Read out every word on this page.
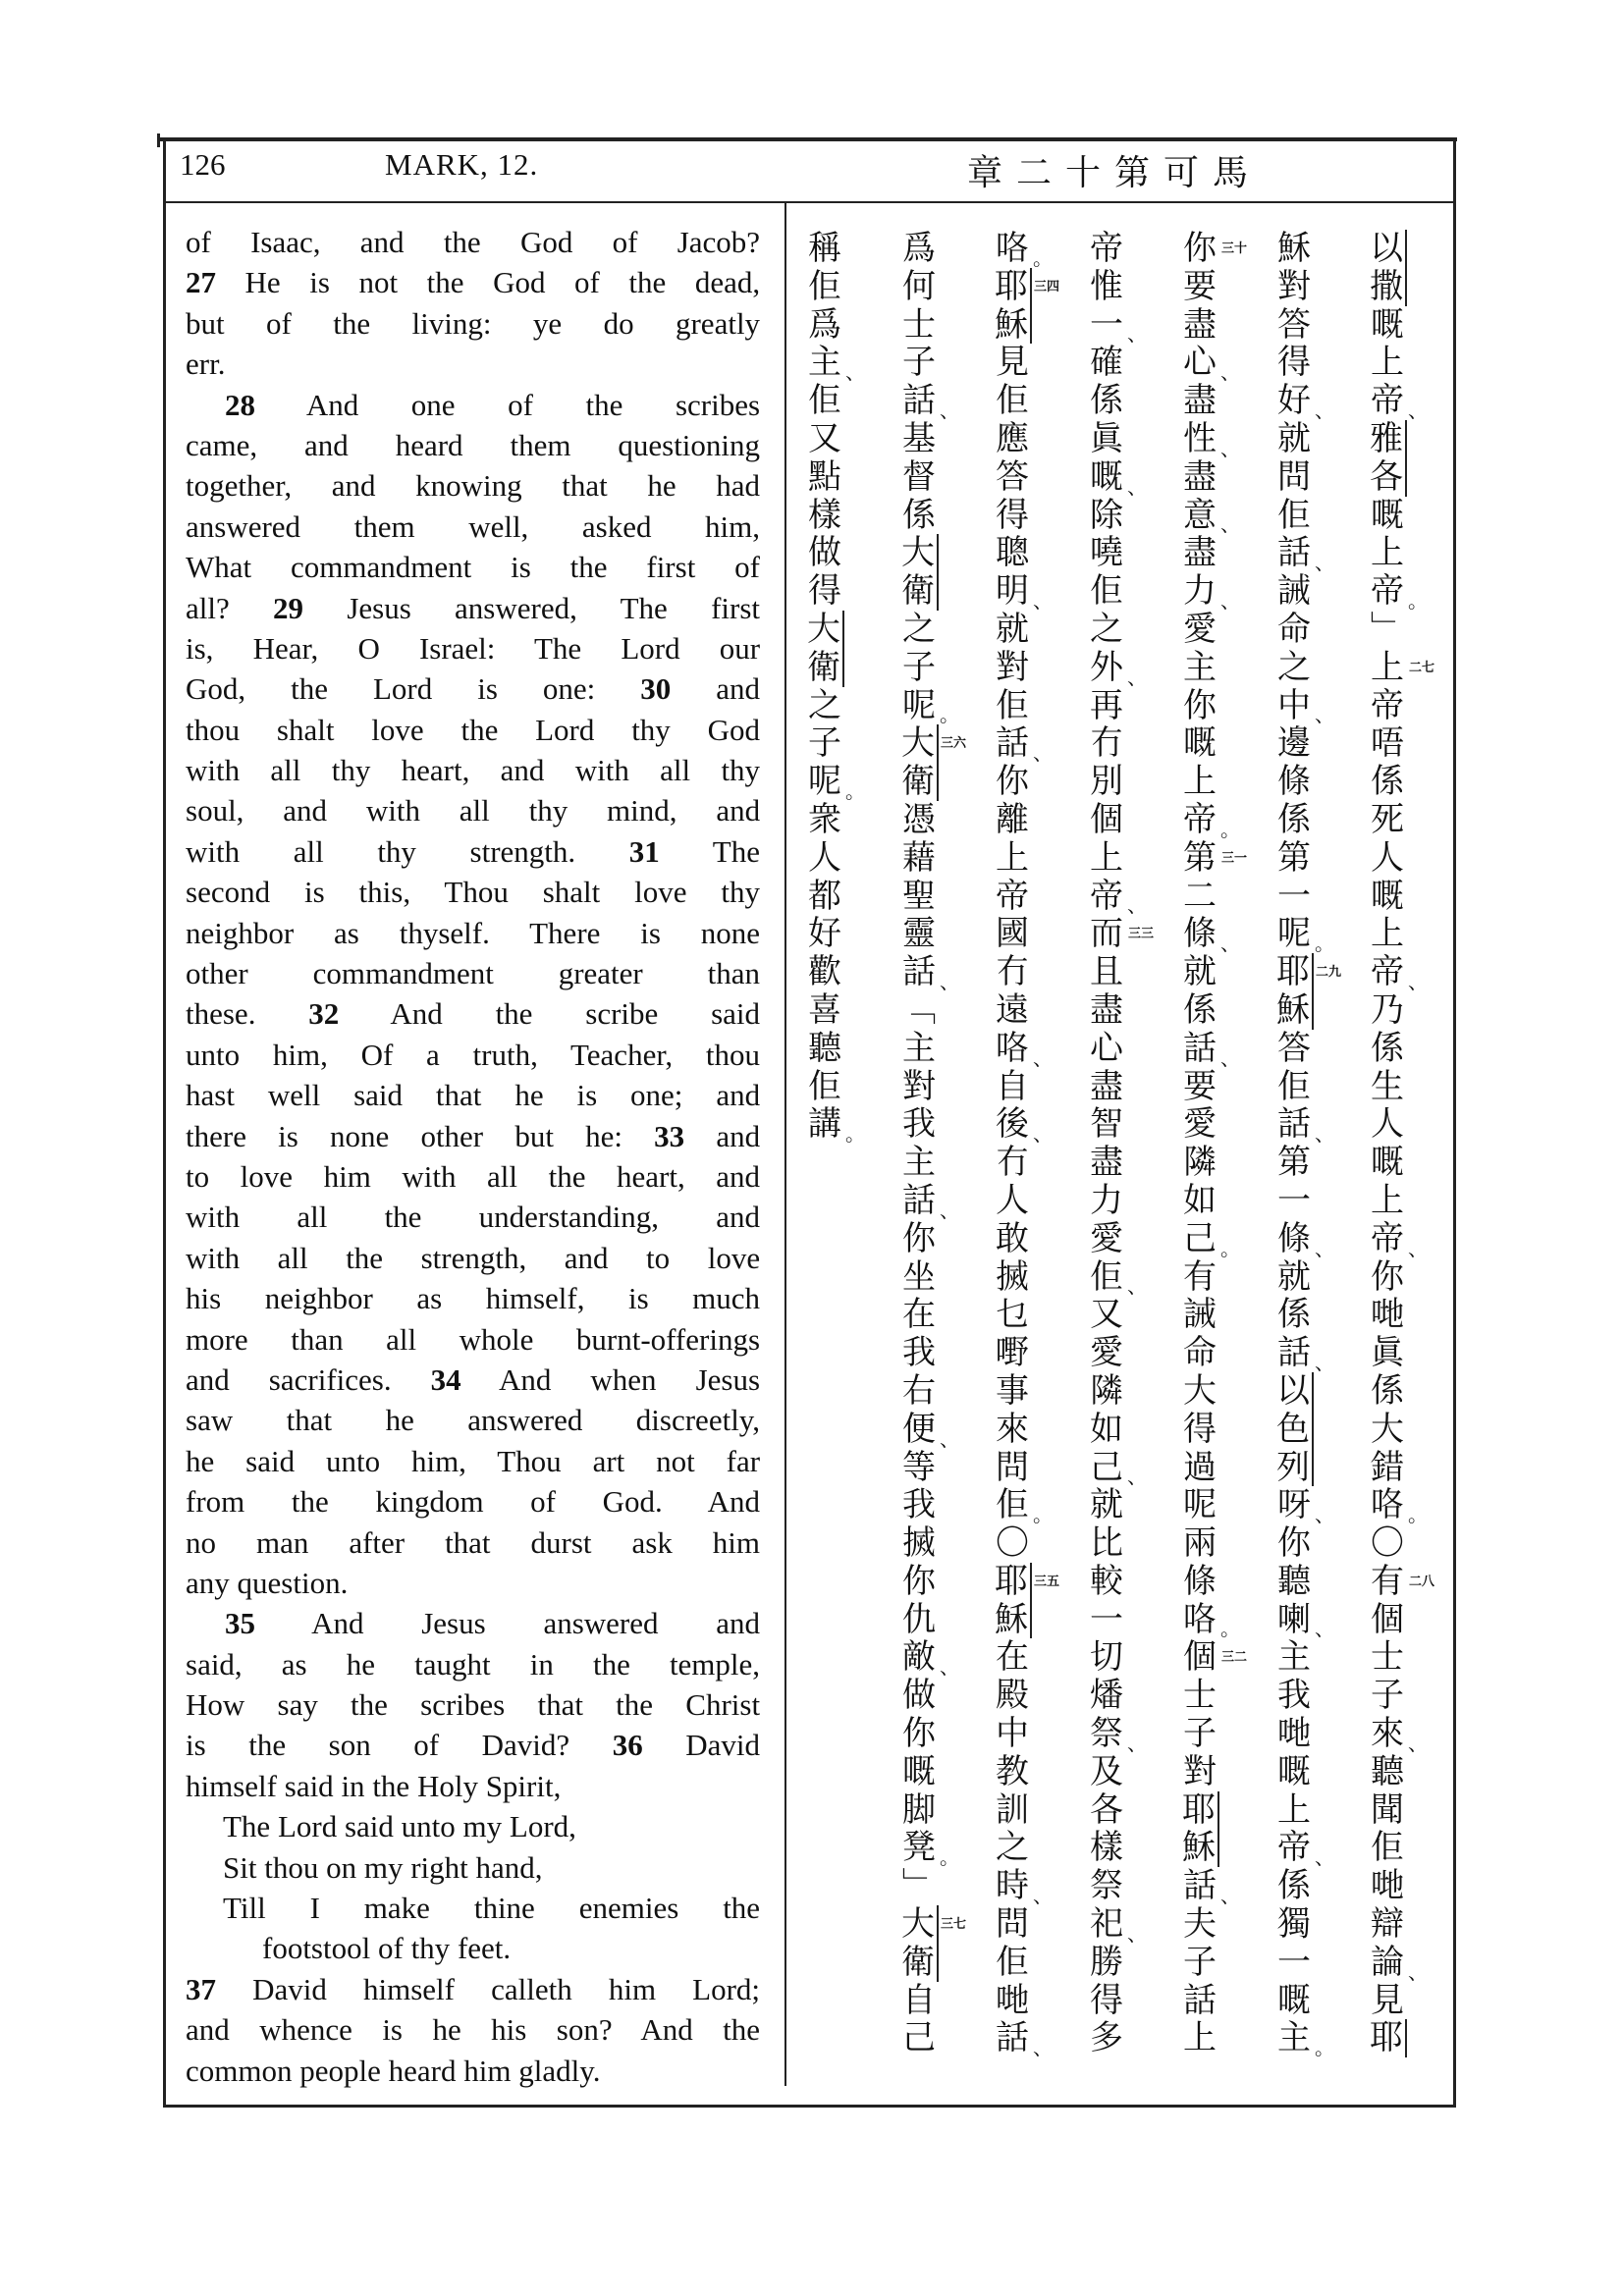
126	MARK, 12.	馬可第十二章
of Isaac, and the God of Jacob?
27 He is not the God of the dead,
but of the living: ye do greatly
err.
28 And one of the scribes
came, and heard them questioning
together, and knowing that he had
answered them well, asked him,
What commandment is the first of
all? 29 Jesus answered, The first
is, Hear, O Israel: The Lord our
God, the Lord is one: 30 and
thou shalt love the Lord thy God
with all thy heart, and with all thy
soul, and with all thy mind, and
with all thy strength. 31 The
second is this, Thou shalt love thy
neighbor as thyself. There is none
other commandment greater than
these. 32 And the scribe said
unto him, Of a truth, Teacher, thou
hast well said that he is one; and
there is none other but he: 33 and
to love him with all the heart, and
with all the understanding, and
with all the strength, and to love
his neighbor as himself, is much
more than all whole burnt-offerings
and sacrifices. 34 And when Jesus
saw that he answered discreetly,
he said unto him, Thou art not far
from the kingdom of God. And
no man after that durst ask him
any question.
35 And Jesus answered and
said, as he taught in the temple,
How say the scribes that the Christ
is the son of David? 36 David
himself said in the Holy Spirit,
The Lord said unto my Lord,
Sit thou on my right hand,
Till I make thine enemies the
footstool of thy feet.
37 David himself calleth him Lord;
and whence is he his son? And the
common people heard him gladly.
以
撒
嘅
上
帝 、
雅
各
嘅
上
帝 。
﹂
二七
上
帝
唔
係
死
人
嘅
上
帝 、
乃
係
生
人
嘅
上
帝 、
你
哋
眞
係
大
錯
咯 。
〇
二八
有
個
士
子
來 、
聽
聞
佢
哋
辯
論 、
見
耶
穌
對
答
得
好 、
就
問
佢
話 、
誡
命
之
中 、
邊
條
係
第
一
呢 。
二九
耶
穌
答
佢
話 、
第
一
條 、
就
係
話 、
以
色
列
呀 、
你
聽
喇 、
主
我
哋
嘅
上
帝 、
係
獨
一
嘅
主 。
三十
你
要
盡
心 、
盡
性 、
盡
意 、
盡
力 、
愛
主
你
嘅
上
帝 。
三一
第
二
條 、
就
係
話 、
要
愛
隣
如
己 。
有
誡
命
大
得
過
呢
兩
條
咯 。
三二
個
士
子
對
耶
穌
話 、
夫
子
話
上
帝
惟
一 、
確
係
眞
嘅 、
除
嘵
佢
之
外 、
再
冇
別
個
上
帝 、
三三
而
且
盡
心
盡
智
盡
力
愛
佢 、
又
愛
隣
如
己 、
就
比
較
一
切
燔
祭 、
及
各
樣
祭
祀 、
勝
得
多
咯 。
三四
耶
穌
見
佢
應
答
得
聰
明 、
就
對
佢
話 、
你
離
上
帝
國
冇
遠
咯 、
自
後 、
冇
人
敢
搣
乜
嘢
事
來
問
佢 。
〇
三五
耶
穌
在
殿
中
教
訓
之
時 、
問
佢
哋
話 、
爲
何
士
子
話 、
基
督
係
大
衛
之
子
呢 。
三六
大
衛
憑
藉
聖
靈
話 、
﹁
主
對
我
主
話 、
你
坐
在
我
右
便 、
等
我
搣
你
仇
敵 、
做
你
嘅
脚
凳 。
﹂
三七
大
衛
自
己
稱
佢
爲
主 、
佢
又
點
樣
做
得
大
衛
之
子
呢 。
衆
人
都
好
歡
喜
聽
佢
講 。
